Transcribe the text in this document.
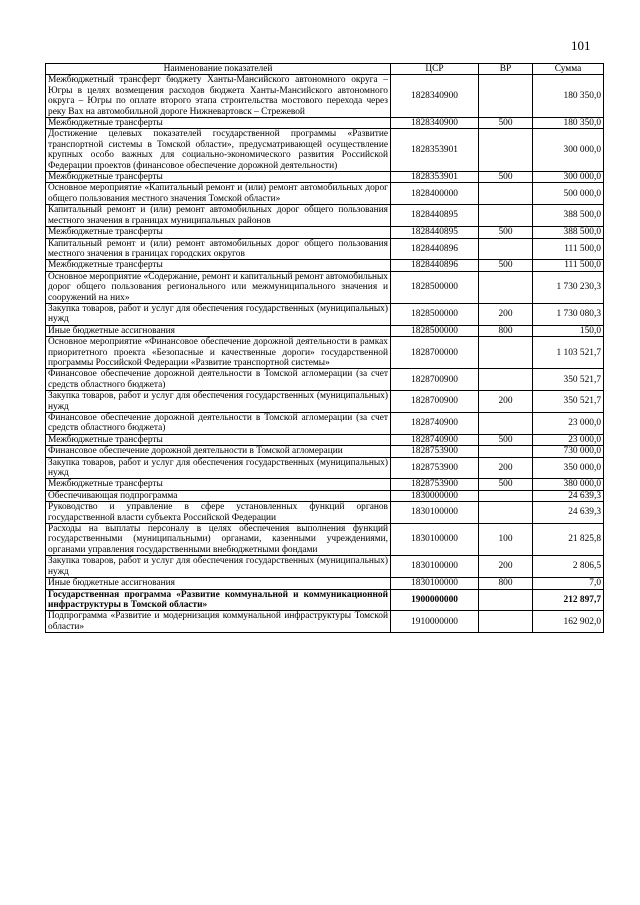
101
Наименование показателей	ЦСР	ВР	Сумма
Межбюджетный трансферт бюджету Ханты-Мансийского автономного округа – Югры в целях возмещения расходов бюджета Ханты-Мансийского автономного округа – Югры по оплате второго этапа строительства мостового перехода через реку Вах на автомобильной дороге Нижневартовск – Стрежевой	1828340900		180 350,0
Межбюджетные трансферты	1828340900	500	180 350,0
Достижение целевых показателей государственной программы «Развитие транспортной системы в Томской области», предусматривающей осуществление крупных особо важных для социально-экономического развития Российской Федерации проектов (финансовое обеспечение дорожной деятельности)	1828353901		300 000,0
Межбюджетные трансферты	1828353901	500	300 000,0
Основное мероприятие «Капитальный ремонт и (или) ремонт автомобильных дорог общего пользования местного значения Томской области»	1828400000		500 000,0
Капитальный ремонт и (или) ремонт автомобильных дорог общего пользования местного значения в границах муниципальных районов	1828440895		388 500,0
Межбюджетные трансферты	1828440895	500	388 500,0
Капитальный ремонт и (или) ремонт автомобильных дорог общего пользования местного значения в границах городских округов	1828440896		111 500,0
Межбюджетные трансферты	1828440896	500	111 500,0
Основное мероприятие «Содержание, ремонт и капитальный ремонт автомобильных дорог общего пользования регионального или межмуниципального значения и сооружений на них»	1828500000		1 730 230,3
Закупка товаров, работ и услуг для обеспечения государственных (муниципальных) нужд	1828500000	200	1 730 080,3
Иные бюджетные ассигнования	1828500000	800	150,0
Основное мероприятие «Финансовое обеспечение дорожной деятельности в рамках приоритетного проекта «Безопасные и качественные дороги» государственной программы Российской Федерации «Развитие транспортной системы»	1828700000		1 103 521,7
Финансовое обеспечение дорожной деятельности в Томской агломерации (за счет средств областного бюджета)	1828700900		350 521,7
Закупка товаров, работ и услуг для обеспечения государственных (муниципальных) нужд	1828700900	200	350 521,7
Финансовое обеспечение дорожной деятельности в Томской агломерации (за счет средств областного бюджета)	1828740900		23 000,0
Межбюджетные трансферты	1828740900	500	23 000,0
Финансовое обеспечение дорожной деятельности в Томской агломерации	1828753900		730 000,0
Закупка товаров, работ и услуг для обеспечения государственных (муниципальных) нужд	1828753900	200	350 000,0
Межбюджетные трансферты	1828753900	500	380 000,0
Обеспечивающая подпрограмма	1830000000		24 639,3
Руководство и управление в сфере установленных функций органов государственной власти субъекта Российской Федерации	1830100000		24 639,3
Расходы на выплаты персоналу в целях обеспечения выполнения функций государственными (муниципальными) органами, казенными учреждениями, органами управления государственными внебюджетными фондами	1830100000	100	21 825,8
Закупка товаров, работ и услуг для обеспечения государственных (муниципальных) нужд	1830100000	200	2 806,5
Иные бюджетные ассигнования	1830100000	800	7,0
Государственная программа «Развитие коммунальной и коммуникационной инфраструктуры в Томской области»	1900000000		212 897,7
Подпрограмма «Развитие и модернизация коммунальной инфраструктуры Томской области»	1910000000		162 902,0
